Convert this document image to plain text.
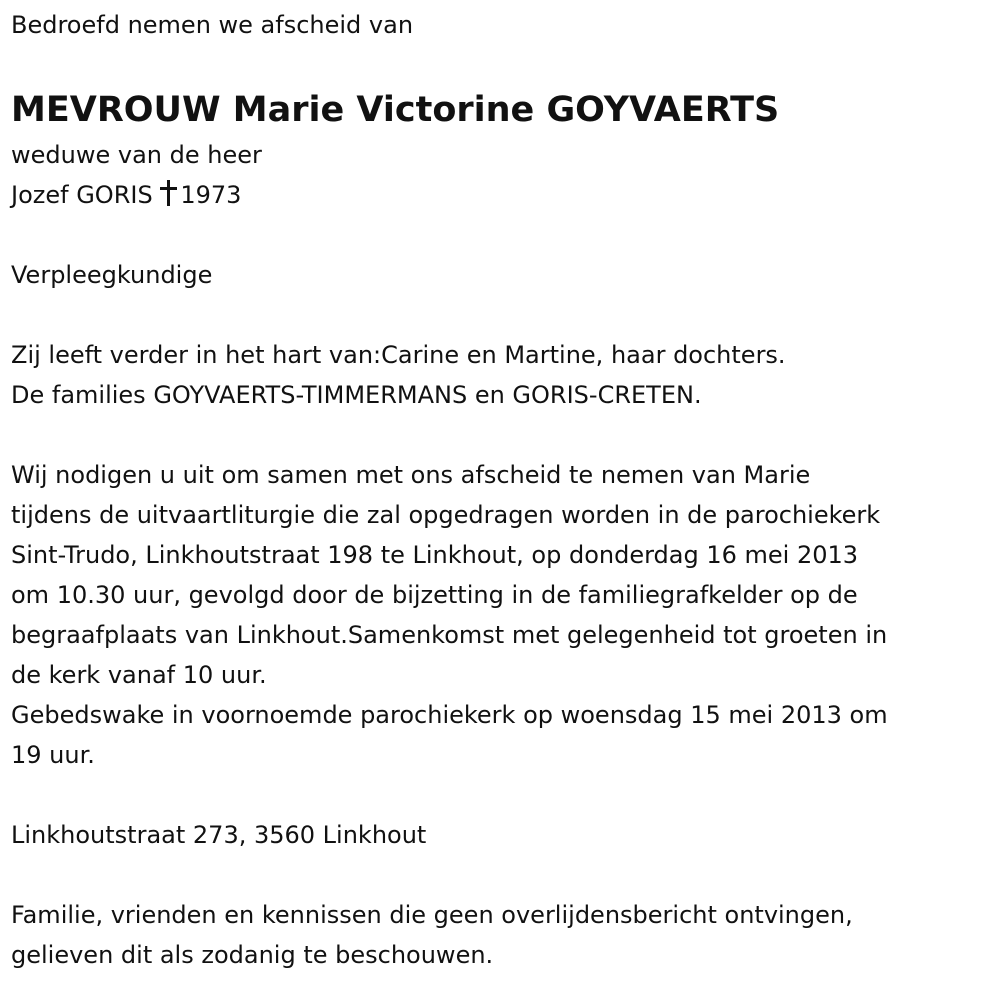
Bedroefd nemen we afscheid van

MEVROUW Marie Victorine GOYVAERTS

weduwe van de heer

Jozef GORIS 1973

Verpleegkundige

Zij leeft verder in het hart van:Carine en Martine, haar dochters.

De families GOYVAERTS-TIMMERMANS en GORIS-CRETEN.

Wij nodigen u uit om samen met ons afscheid te nemen van Marie

tijdens de uitvaartliturgie die zal opgedragen worden in de parochiekerk

Sint-Trudo, Linkhoutstraat 198 te Linkhout, op donderdag 16 mei 2013

om 10.30 uur, gevolgd door de bijzetting in de familiegrafkelder op de

begraafplaats van Linkhout.Samenkomst met gelegenheid tot groeten in

de kerk vanaf 10 uur.

Gebedswake in voornoemde parochiekerk op woensdag 15 mei 2013 om

19 uur.

Linkhoutstraat 273, 3560 Linkhout

Familie, vrienden en kennissen die geen overlijdensbericht ontvingen,

gelieven dit als zodanig te beschouwen.
